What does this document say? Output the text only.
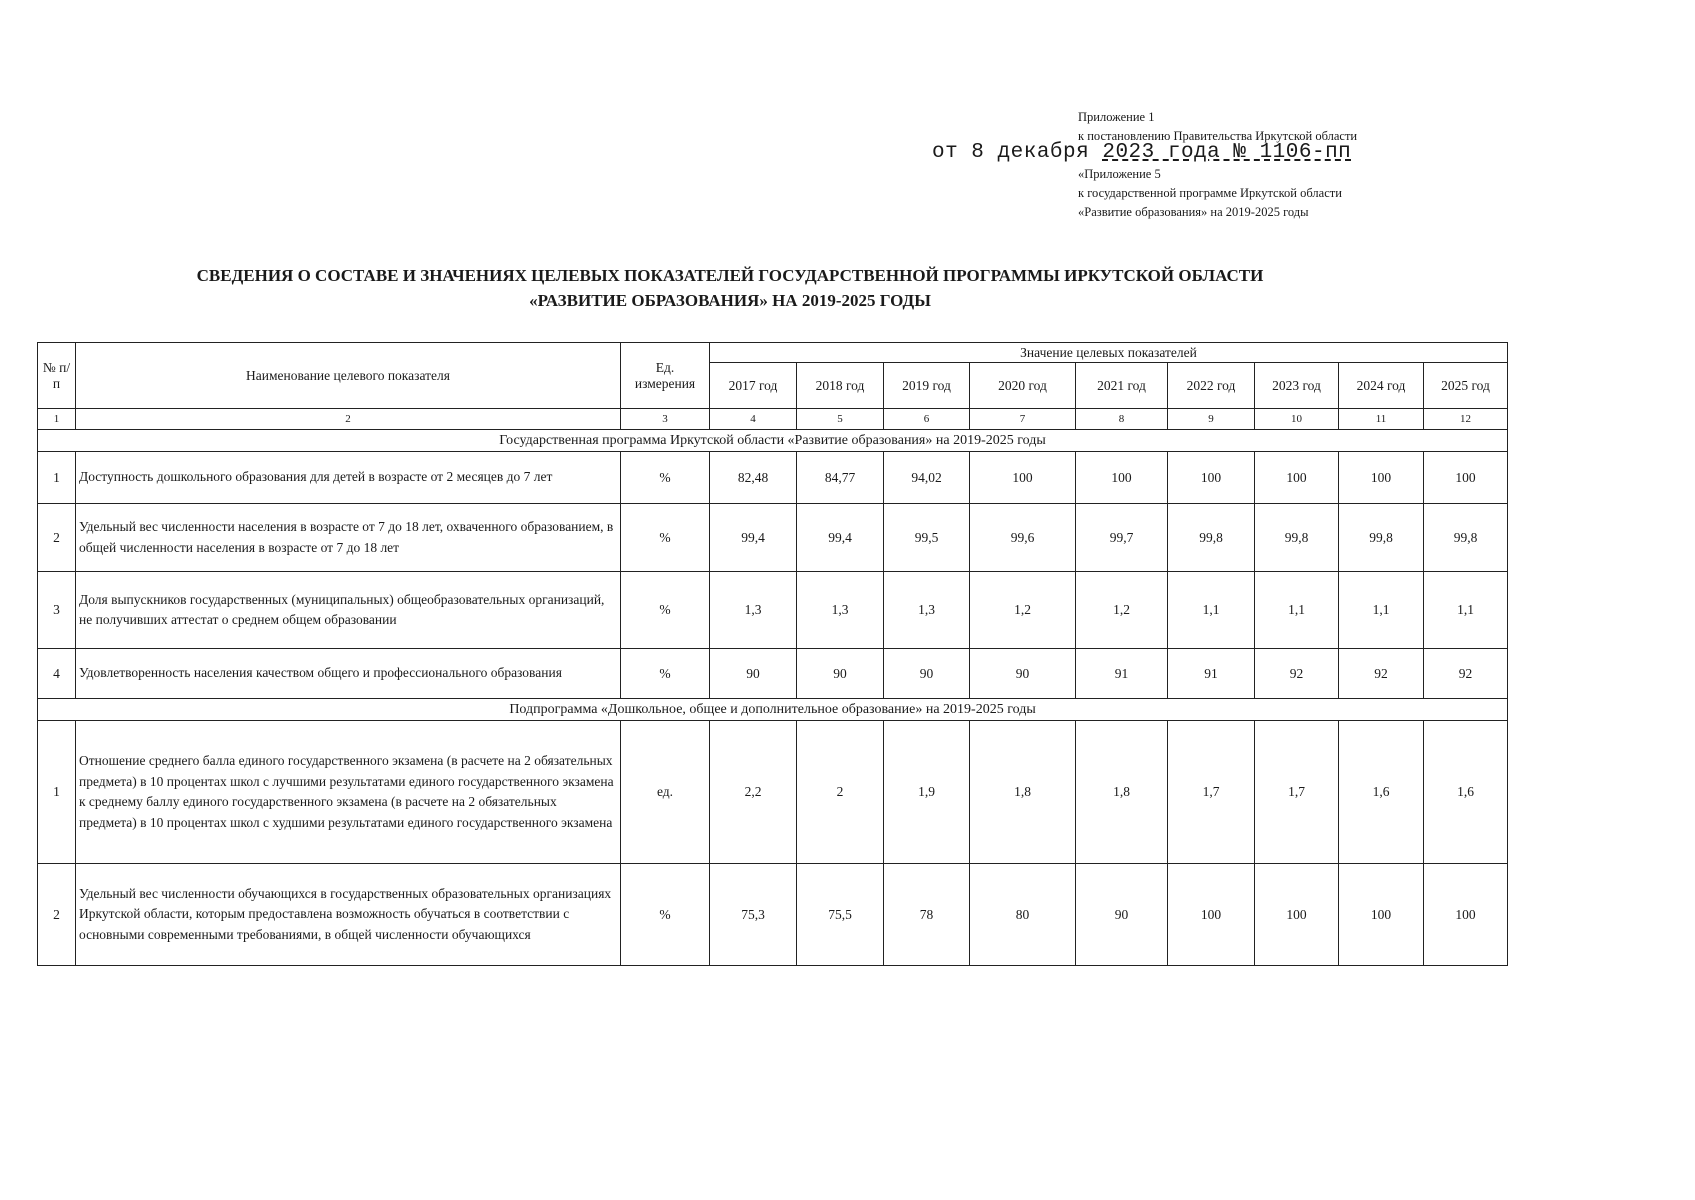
Приложение 1
к постановлению Правительства Иркутской области
«Приложение 5
к государственной программе Иркутской области
«Развитие образования» на 2019-2025 годы
от 8 декабря 2023 года № 1106-пп
СВЕДЕНИЯ О СОСТАВЕ И ЗНАЧЕНИЯХ ЦЕЛЕВЫХ ПОКАЗАТЕЛЕЙ ГОСУДАРСТВЕННОЙ ПРОГРАММЫ ИРКУТСКОЙ ОБЛАСТИ
«РАЗВИТИЕ ОБРАЗОВАНИЯ» НА 2019-2025 ГОДЫ
№ п/п	Наименование целевого показателя	Ед. измерения	Значение целевых показателей								
			2017 год	2018 год	2019 год	2020 год	2021 год	2022 год	2023 год	2024 год	2025 год
1	2	3	4	5	6	7	8	9	10	11	12
Государственная программа Иркутской области «Развитие образования» на 2019-2025 годы											
1	Доступность дошкольного образования для детей в возрасте от 2 месяцев до 7 лет	%	82,48	84,77	94,02	100	100	100	100	100	100
2	Удельный вес численности населения в возрасте от 7 до 18 лет, охваченного образованием, в общей численности населения в возрасте от 7 до 18 лет	%	99,4	99,4	99,5	99,6	99,7	99,8	99,8	99,8	99,8
3	Доля выпускников государственных (муниципальных) общеобразовательных организаций, не получивших аттестат о среднем общем образовании	%	1,3	1,3	1,3	1,2	1,2	1,1	1,1	1,1	1,1
4	Удовлетворенность населения качеством общего и профессионального образования	%	90	90	90	90	91	91	92	92	92
Подпрограмма «Дошкольное, общее и дополнительное образование» на 2019-2025 годы											
1	Отношение среднего балла единого государственного экзамена (в расчете на 2 обязательных предмета) в 10 процентах школ с лучшими результатами единого государственного экзамена к среднему баллу единого государственного экзамена (в расчете на 2 обязательных предмета) в 10 процентах школ с худшими результатами единого государственного экзамена	ед.	2,2	2	1,9	1,8	1,8	1,7	1,7	1,6	1,6
2	Удельный вес численности обучающихся в государственных образовательных организациях Иркутской области, которым предоставлена возможность обучаться в соответствии с основными современными требованиями, в общей численности обучающихся	%	75,3	75,5	78	80	90	100	100	100	100
